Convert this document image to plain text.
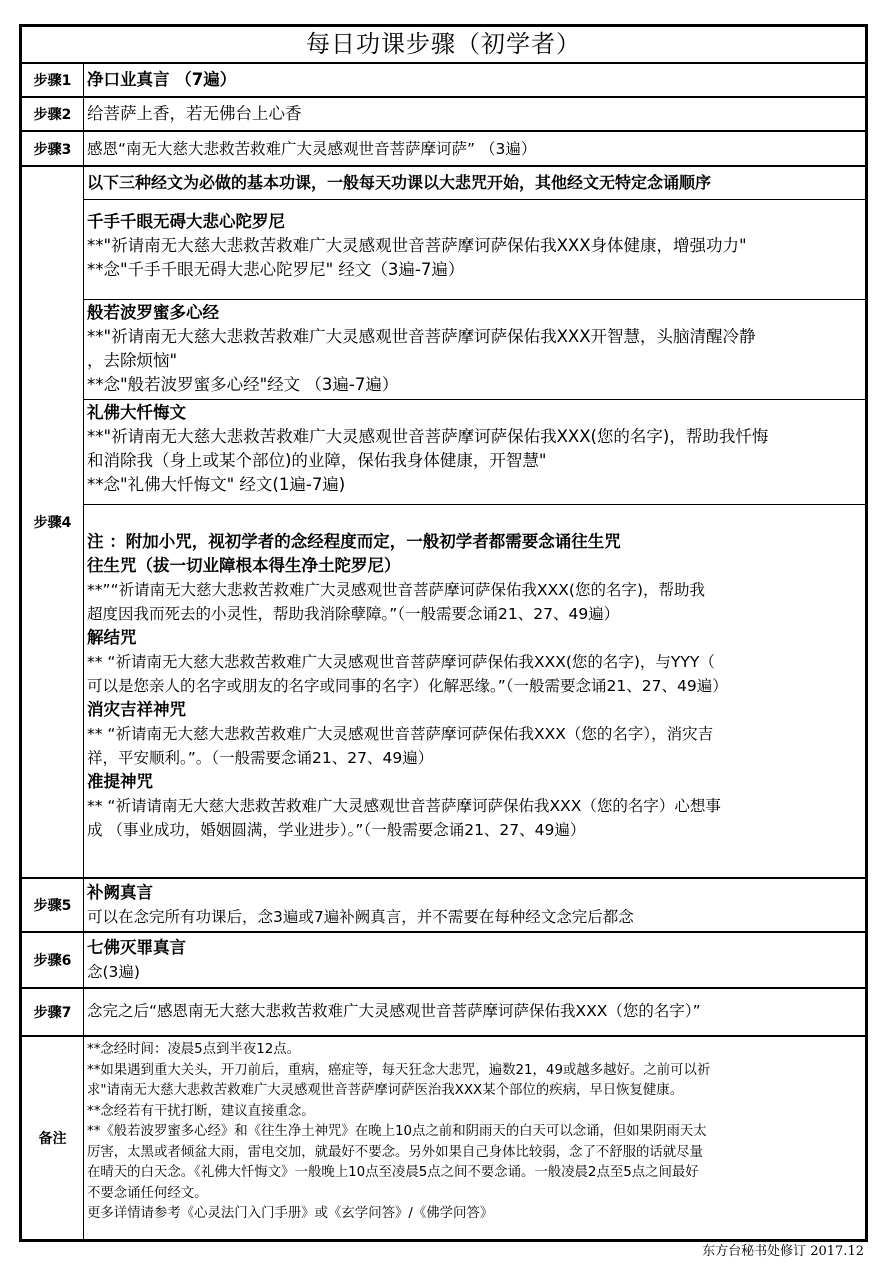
每日功课步骤（初学者）
步骤1 净口业真言 （7遍）
步骤2 给菩萨上香，若无佛台上心香
步骤3	感恩“南无大慈大悲救苦救难广大灵感观世音菩萨摩诃萨” （3遍）
步骤4
以下三种经文为必做的基本功课，一般每天功课以大悲咒开始，其他经文无特定念诵顺序
千手千眼无碍大悲心陀罗尼
**"祈请南无大慈大悲救苦救难广大灵感观世音菩萨摩诃萨保佑我XXX身体健康，增强功力"
**念"千手千眼无碍大悲心陀罗尼" 经文（3遍-7遍）
般若波罗蜜多心经
**"祈请南无大慈大悲救苦救难广大灵感观世音菩萨摩诃萨保佑我XXX开智慧，头脑清醒冷静
，去除烦恼"
**念"般若波罗蜜多心经"经文 （3遍-7遍）
礼佛大忏悔文
**"祈请南无大慈大悲救苦救难广大灵感观世音菩萨摩诃萨保佑我XXX(您的名字)，帮助我忏悔
和消除我（身上或某个部位)的业障，保佑我身体健康，开智慧"
**念"礼佛大忏悔文" 经文(1遍-7遍)
注 ：附加小咒，视初学者的念经程度而定，一般初学者都需要念诵往生咒
往生咒（拔一切业障根本得生净土陀罗尼）
**”“祈请南无大慈大悲救苦救难广大灵感观世音菩萨摩诃萨保佑我XXX(您的名字)，帮助我
超度因我而死去的小灵性，帮助我消除孽障。”（一般需要念诵21、27、49遍）
解结咒
** “祈请南无大慈大悲救苦救难广大灵感观世音菩萨摩诃萨保佑我XXX(您的名字)，与YYY（
可以是您亲人的名字或朋友的名字或同事的名字）化解恶缘。”（一般需要念诵21、27、49遍）
消灾吉祥神咒
** “祈请南无大慈大悲救苦救难广大灵感观世音菩萨摩诃萨保佑我XXX（您的名字），消灾吉
祥，平安顺利。”。（一般需要念诵21、27、49遍）
准提神咒
** “祈请请南无大慈大悲救苦救难广大灵感观世音菩萨摩诃萨保佑我XXX（您的名字）心想事
成 （事业成功，婚姻圆满，学业进步）。”（一般需要念诵21、27、49遍）
步骤5
补阙真言
可以在念完所有功课后，念3遍或7遍补阙真言，并不需要在每种经文念完后都念
步骤6
七佛灭罪真言
念(3遍)
步骤7	念完之后“感恩南无大慈大悲救苦救难广大灵感观世音菩萨摩诃萨保佑我XXX（您的名字）”
备注
**念经时间：凌晨5点到半夜12点。
**如果遇到重大关头，开刀前后，重病，癌症等，每天狂念大悲咒，遍数21，49或越多越好。之前可以祈
求"请南无大慈大悲救苦救难广大灵感观世音菩萨摩诃萨医治我XXX某个部位的疾病，早日恢复健康。
**念经若有干扰打断，建议直接重念。
**《般若波罗蜜多心经》和《往生净土神咒》在晚上10点之前和阴雨天的白天可以念诵，但如果阴雨天太
厉害，太黑或者倾盆大雨，雷电交加，就最好不要念。另外如果自己身体比较弱，念了不舒服的话就尽量
在晴天的白天念。《礼佛大忏悔文》一般晚上10点至凌晨5点之间不要念诵。一般凌晨2点至5点之间最好
不要念诵任何经文。
更多详情请参考《心灵法门入门手册》或《玄学问答》/《佛学问答》
东方台秘书处修订 2017.12
